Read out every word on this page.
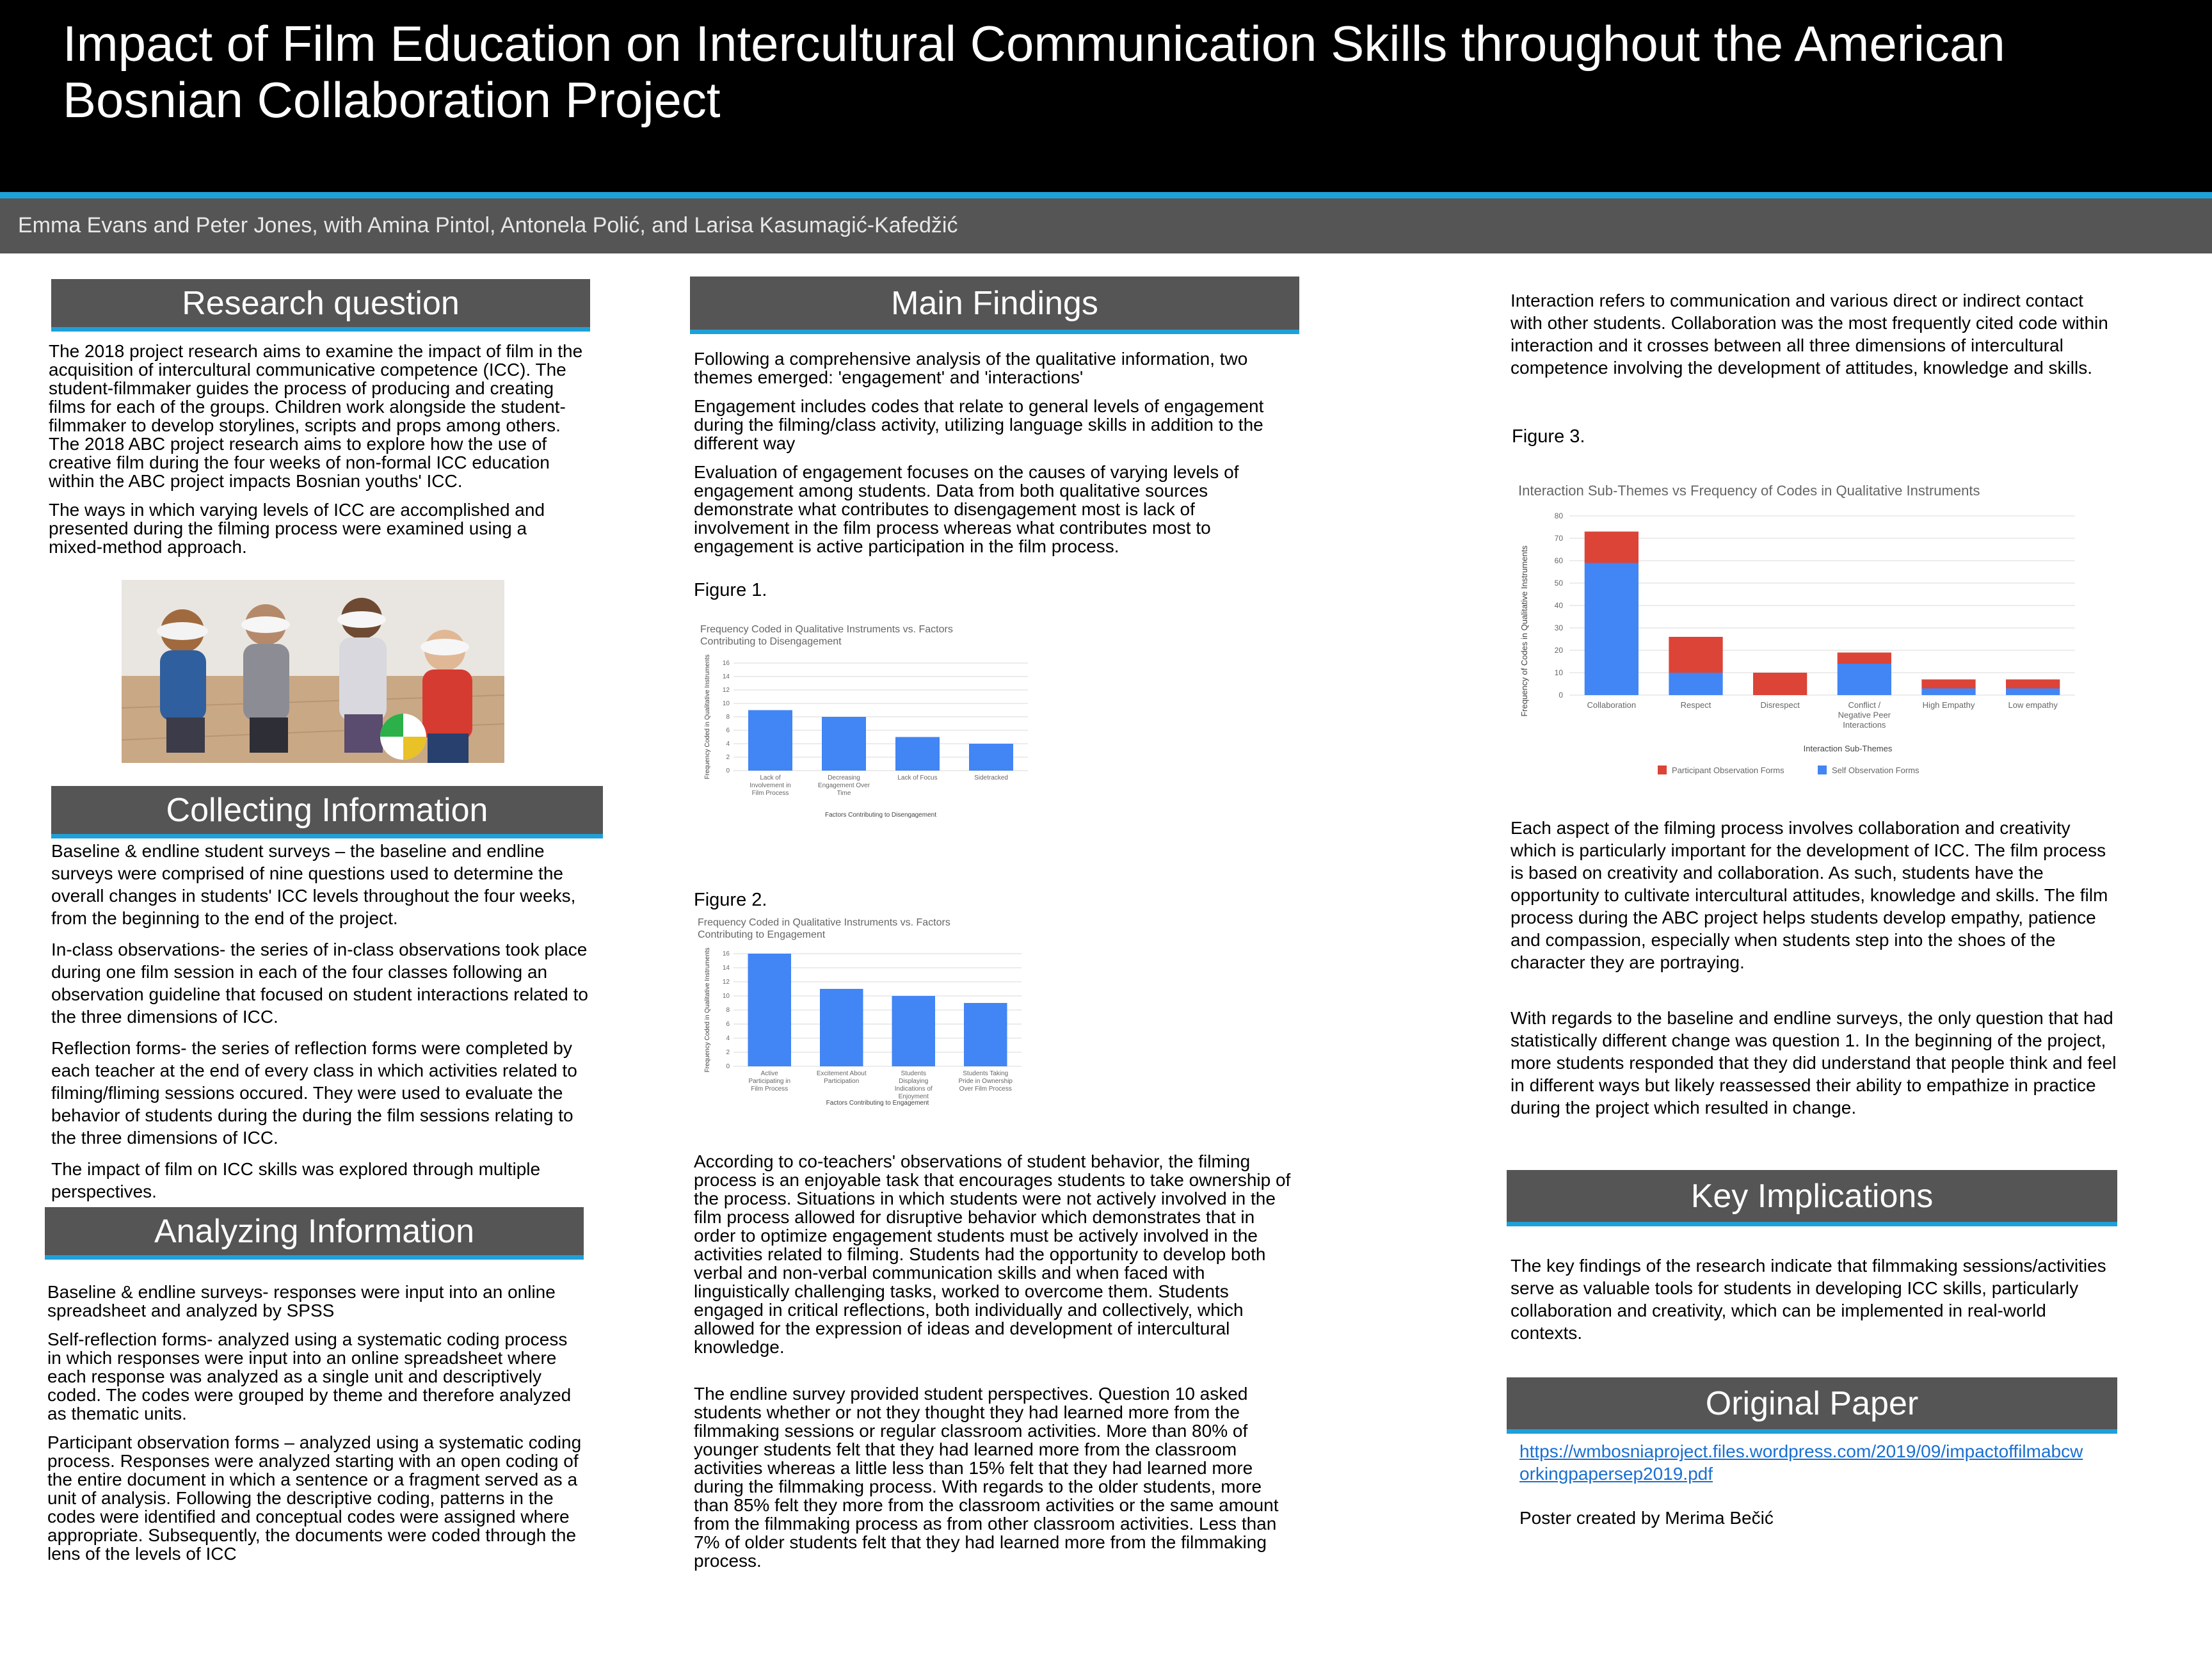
Impact of Film Education on Intercultural Communication Skills throughout the American Bosnian Collaboration Project
Emma Evans and Peter Jones, with Amina Pintol, Antonela Polić, and Larisa Kasumagić-Kafedžić
Research question

The 2018 project research aims to examine the impact of film in the acquisition of intercultural communicative competence (ICC). The student-filmmaker guides the process of producing and creating films for each of the groups. Children work alongside the student-filmmaker to develop storylines, scripts and props among others. The 2018 ABC project research aims to explore how the use of creative film during the four weeks of non-formal ICC education within the ABC project impacts Bosnian youths' ICC.

The ways in which varying levels of ICC are accomplished and presented during the filming process were examined using a mixed-method approach.

Collecting Information

Baseline & endline student surveys – the baseline and endline surveys were comprised of nine questions used to determine the overall changes in students' ICC levels throughout the four weeks, from the beginning to the end of the project.

In-class observations- the series of in-class observations took place during one film session in each of the four classes following an observation guideline that focused on student interactions related to the three dimensions of ICC.

Reflection forms- the series of reflection forms were completed by each teacher at the end of every class in which activities related to filming/fliming sessions occured. They were used to evaluate the behavior of students during the during the film sessions relating to the three dimensions of ICC.

The impact of film on ICC skills was explored through multiple perspectives.

Analyzing Information

Baseline & endline surveys- responses were input into an online spreadsheet and analyzed by SPSS

Self-reflection forms- analyzed using a systematic coding process in which responses were input into an online spreadsheet where each response was analyzed as a single unit and descriptively coded. The codes were grouped by theme and therefore analyzed as thematic units.

Participant observation forms – analyzed using a systematic coding process. Responses were analyzed starting with an open coding of the entire document in which a sentence or a fragment served as a unit of analysis. Following the descriptive coding, patterns in the codes were identified and conceptual codes were assigned where appropriate. Subsequently, the documents were coded through the lens of the levels of ICC

Main Findings

Following a comprehensive analysis of the qualitative information, two themes emerged: 'engagement' and 'interactions'

Engagement includes codes that relate to general levels of engagement during the filming/class activity, utilizing language skills in addition to the different way

Evaluation of engagement focuses on the causes of varying levels of engagement among students. Data from both qualitative sources demonstrate what contributes to disengagement most is lack of involvement in the film process whereas what contributes most to engagement is active participation in the film process.

Figure 1.
Frequency Coded in Qualitative Instruments vs. Factors Contributing to Disengagement
0
2
4
6
8
10
12
14
16
Lack of Involvement in Film Process
Decreasing Engagement Over Time
Lack of Focus	Sidetracked
Factors Contributing to Disengagement
Frequency Coded in Qualitative Instruments
Figure 2.
Frequency Coded in Qualitative Instruments vs. Factors Contributing to Engagement
0
2
4
6
8
10
12
14
16
Active Participating in Film Process
Excitement About Participation
Students Displaying Indications of Enjoyment
Students Taking Pride in Ownership Over Film Process
Factors Contributing to Engagement
Frequency Coded in Qualitative Instruments

According to co-teachers' observations of student behavior, the filming process is an enjoyable task that encourages students to take ownership of the process. Situations in which students were not actively involved in the film process allowed for disruptive behavior which demonstrates that in order to optimize engagement students must be actively involved in the activities related to filming. Students had the opportunity to develop both verbal and non-verbal communication skills and when faced with linguistically challenging tasks, worked to overcome them. Students engaged in critical reflections, both individually and collectively, which allowed for the expression of ideas and development of intercultural knowledge.

The endline survey provided student perspectives. Question 10 asked students whether or not they thought they had learned more from the filmmaking sessions or regular classroom activities. More than 80% of younger students felt that they had learned more from the classroom activities whereas a little less than 15% felt that they had learned more during the filmmaking process. With regards to the older students, more than 85% felt they more from the classroom activities or the same amount from the filmmaking process as from other classroom activities. Less than 7% of older students felt that they had learned more from the filmmaking process.

Interaction refers to communication and various direct or indirect contact with other students. Collaboration was the most frequently cited code within interaction and it crosses between all three dimensions of intercultural competence involving the development of attitudes, knowledge and skills.

Figure 3.
Interaction Sub-Themes vs Frequency of Codes in Qualitative Instruments
0
10
20
30
40
50
60
70
80
Collaboration	Respect	Disrespect	Conflict / Negative Peer Interactions
High Empathy	Low empathy
Interaction Sub-Themes
Frequency of Codes in Qualitative Instruments
Participant Observation Forms	Self Observation Forms

Each aspect of the filming process involves collaboration and creativity which is particularly important for the development of ICC. The film process is based on creativity and collaboration. As such, students have the opportunity to cultivate intercultural attitudes, knowledge and skills. The film process during the ABC project helps students develop empathy, patience and compassion, especially when students step into the shoes of the character they are portraying.

With regards to the baseline and endline surveys, the only question that had statistically different change was question 1. In the beginning of the project, more students responded that they did understand that people think and feel in different ways but likely reassessed their ability to empathize in practice during the project which resulted in change.

Key Implications

The key findings of the research indicate that filmmaking sessions/activities serve as valuable tools for students in developing ICC skills, particularly collaboration and creativity, which can be implemented in real-world contexts.

Original Paper
https://wmbosniaproject.files.wordpress.com/2019/09/impactoffilmabcw
orkingpapersep2019.pdf
Poster created by Merima Bečić
